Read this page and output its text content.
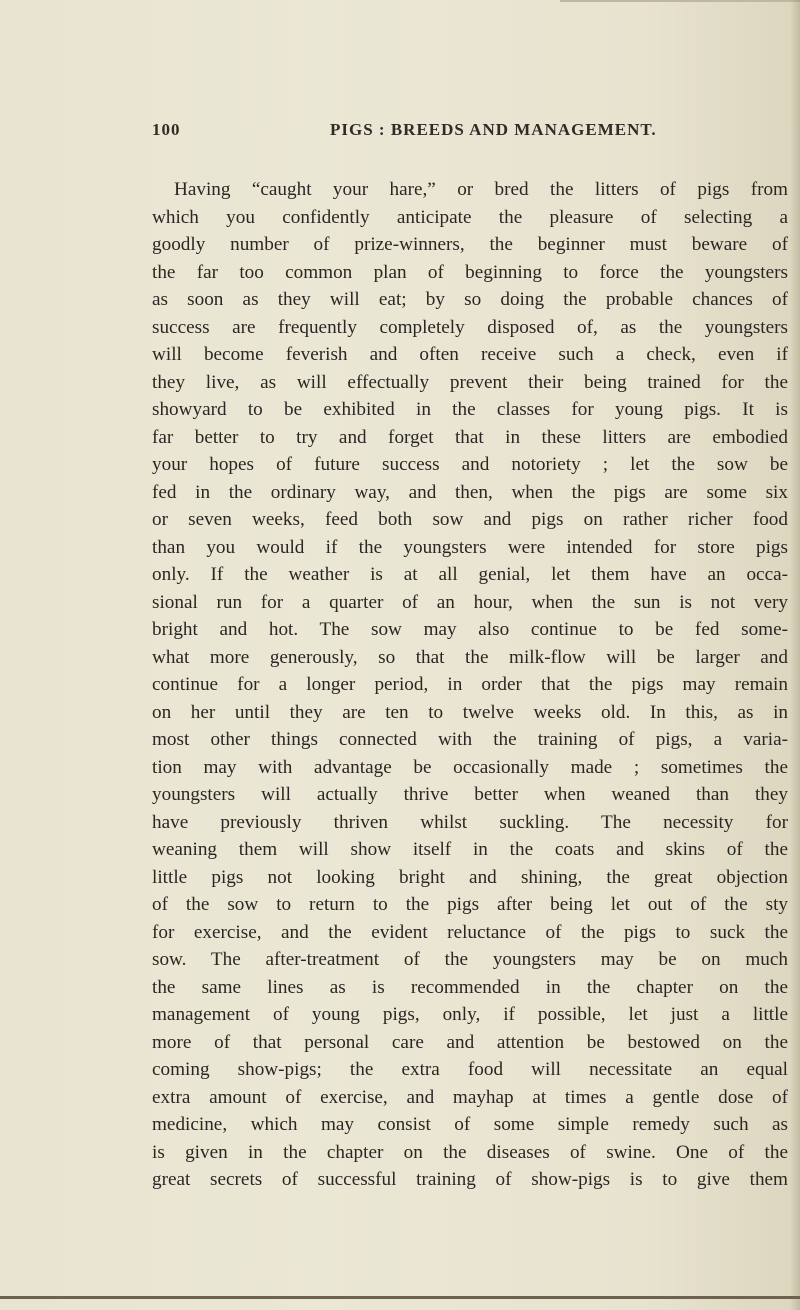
100	PIGS : BREEDS AND MANAGEMENT.
Having “caught your hare,” or bred the litters of pigs from
which you confidently anticipate the pleasure of selecting a
goodly number of prize-winners, the beginner must beware of
the far too common plan of beginning to force the youngsters
as soon as they will eat; by so doing the probable chances of
success are frequently completely disposed of, as the youngsters
will become feverish and often receive such a check, even if
they live, as will effectually prevent their being trained for the
showyard to be exhibited in the classes for young pigs. It is
far better to try and forget that in these litters are embodied
your hopes of future success and notoriety ; let the sow be
fed in the ordinary way, and then, when the pigs are some six
or seven weeks, feed both sow and pigs on rather richer food
than you would if the youngsters were intended for store pigs
only. If the weather is at all genial, let them have an occa-
sional run for a quarter of an hour, when the sun is not very
bright and hot. The sow may also continue to be fed some-
what more generously, so that the milk-flow will be larger and
continue for a longer period, in order that the pigs may remain
on her until they are ten to twelve weeks old. In this, as in
most other things connected with the training of pigs, a varia-
tion may with advantage be occasionally made ; sometimes the
youngsters will actually thrive better when weaned than they
have previously thriven whilst suckling. The necessity for
weaning them will show itself in the coats and skins of the
little pigs not looking bright and shining, the great objection
of the sow to return to the pigs after being let out of the sty
for exercise, and the evident reluctance of the pigs to suck the
sow. The after-treatment of the youngsters may be on much
the same lines as is recommended in the chapter on the
management of young pigs, only, if possible, let just a little
more of that personal care and attention be bestowed on the
coming show-pigs; the extra food will necessitate an equal
extra amount of exercise, and mayhap at times a gentle dose of
medicine, which may consist of some simple remedy such as
is given in the chapter on the diseases of swine. One of the
great secrets of successful training of show-pigs is to give them
